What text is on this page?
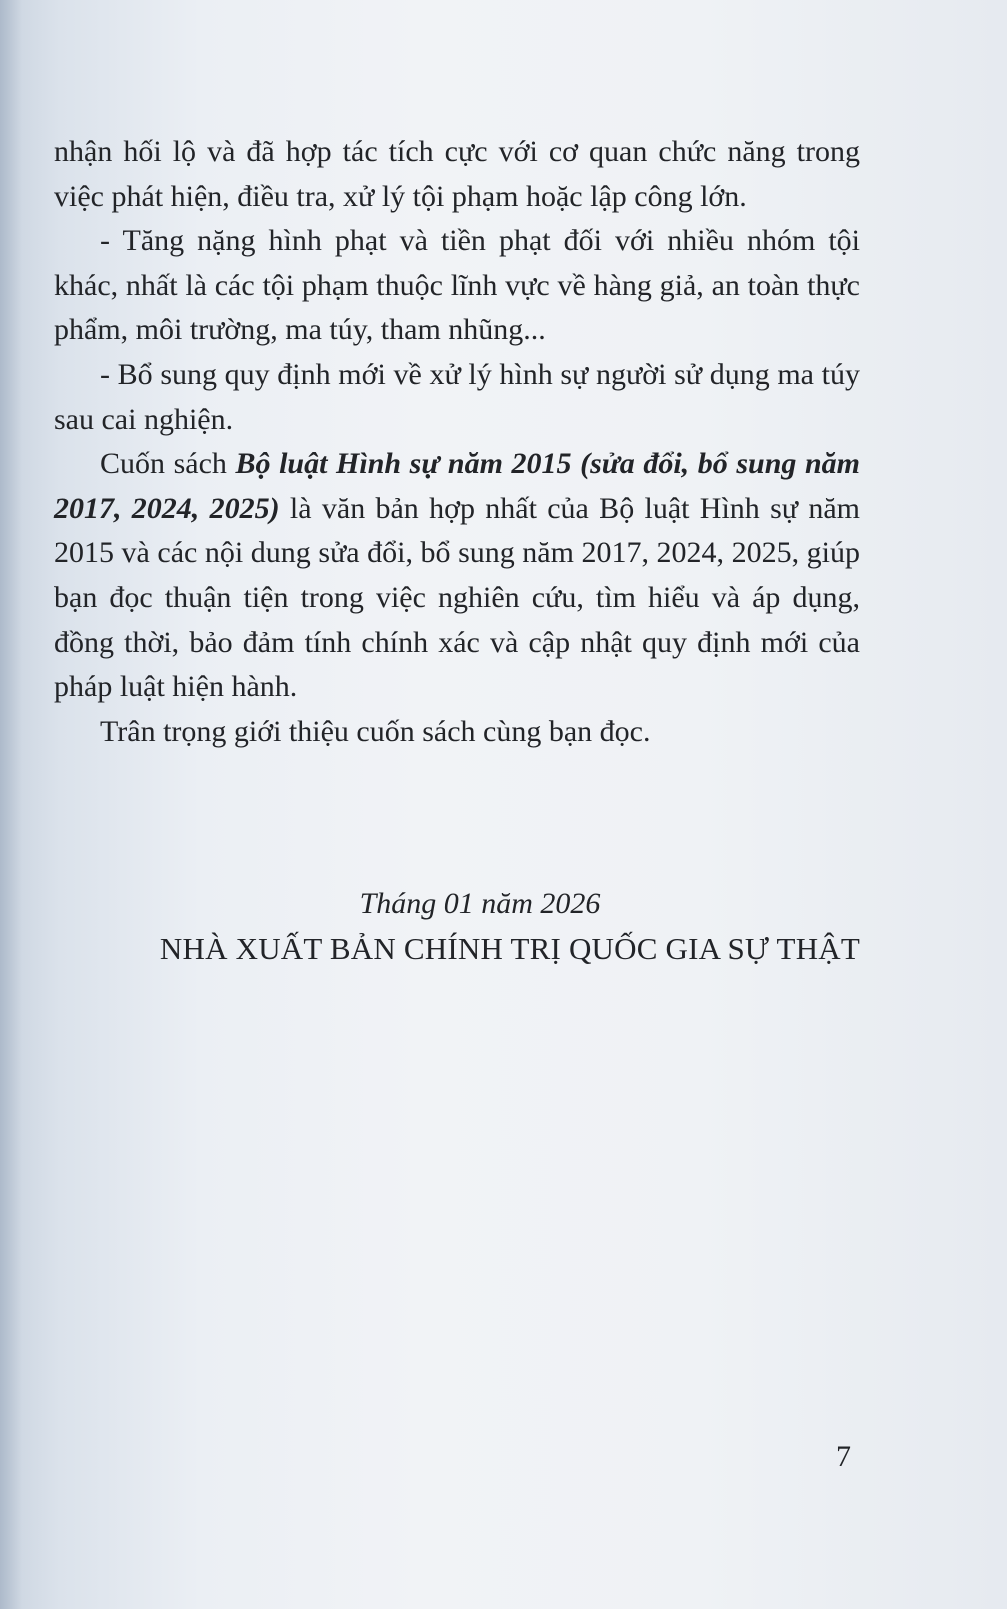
nhận hối lộ và đã hợp tác tích cực với cơ quan chức năng trong việc phát hiện, điều tra, xử lý tội phạm hoặc lập công lớn.

- Tăng nặng hình phạt và tiền phạt đối với nhiều nhóm tội khác, nhất là các tội phạm thuộc lĩnh vực về hàng giả, an toàn thực phẩm, môi trường, ma túy, tham nhũng...

- Bổ sung quy định mới về xử lý hình sự người sử dụng ma túy sau cai nghiện.

Cuốn sách Bộ luật Hình sự năm 2015 (sửa đổi, bổ sung năm 2017, 2024, 2025) là văn bản hợp nhất của Bộ luật Hình sự năm 2015 và các nội dung sửa đổi, bổ sung năm 2017, 2024, 2025, giúp bạn đọc thuận tiện trong việc nghiên cứu, tìm hiểu và áp dụng, đồng thời, bảo đảm tính chính xác và cập nhật quy định mới của pháp luật hiện hành.

Trân trọng giới thiệu cuốn sách cùng bạn đọc.

Tháng 01 năm 2026
NHÀ XUẤT BẢN CHÍNH TRỊ QUỐC GIA SỰ THẬT
7
